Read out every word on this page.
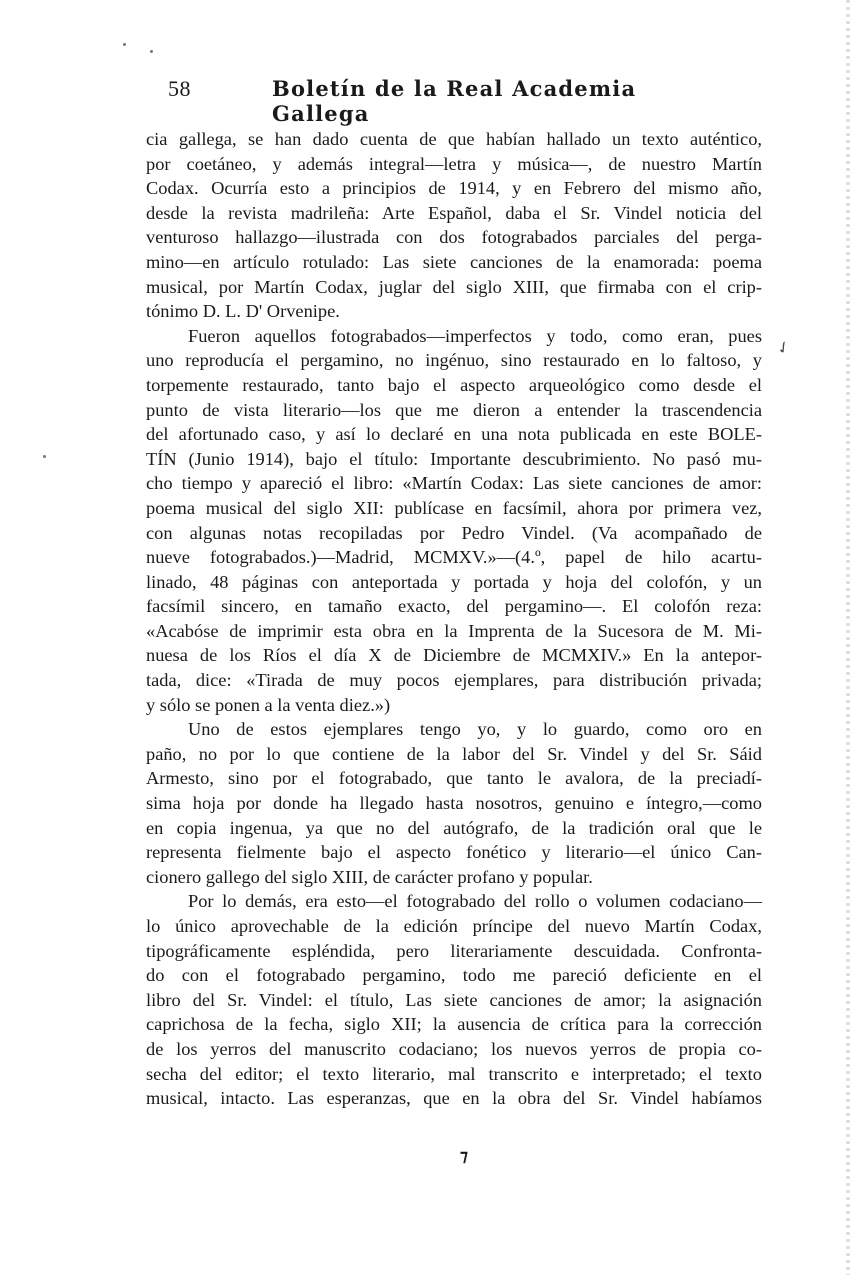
58	Boletín de la Real Academia Gallega
✓
cia gallega, se han dado cuenta de que habían hallado un texto auténtico,
por coetáneo, y además integral—letra y música—, de nuestro Martín
Codax. Ocurría esto a principios de 1914, y en Febrero del mismo año,
desde la revista madrileña: Arte Español, daba el Sr. Vindel noticia del
venturoso hallazgo—ilustrada con dos fotograbados parciales del perga-
mino—en artículo rotulado: Las siete canciones de la enamorada: poema
musical, por Martín Codax, juglar del siglo XIII, que firmaba con el crip-
tónimo D. L. D' Orvenipe.
Fueron aquellos fotograbados—imperfectos y todo, como eran, pues
uno reproducía el pergamino, no ingénuo, sino restaurado en lo faltoso, y
torpemente restaurado, tanto bajo el aspecto arqueológico como desde el
punto de vista literario—los que me dieron a entender la trascendencia
del afortunado caso, y así lo declaré en una nota publicada en este BOLE-
TÍN (Junio 1914), bajo el título: Importante descubrimiento. No pasó mu-
cho tiempo y apareció el libro: «Martín Codax: Las siete canciones de amor:
poema musical del siglo XII: publícase en facsímil, ahora por primera vez,
con algunas notas recopiladas por Pedro Vindel. (Va acompañado de
nueve fotograbados.)—Madrid, MCMXV.»—(4.º, papel de hilo acartu-
linado, 48 páginas con anteportada y portada y hoja del colofón, y un
facsímil sincero, en tamaño exacto, del pergamino—. El colofón reza:
«Acabóse de imprimir esta obra en la Imprenta de la Sucesora de M. Mi-
nuesa de los Ríos el día X de Diciembre de MCMXIV.» En la antepor-
tada, dice: «Tirada de muy pocos ejemplares, para distribución privada;
y sólo se ponen a la venta diez.»)
Uno de estos ejemplares tengo yo, y lo guardo, como oro en
paño, no por lo que contiene de la labor del Sr. Vindel y del Sr. Sáid
Armesto, sino por el fotograbado, que tanto le avalora, de la preciadí-
sima hoja por donde ha llegado hasta nosotros, genuino e íntegro,—como
en copia ingenua, ya que no del autógrafo, de la tradición oral que le
representa fielmente bajo el aspecto fonético y literario—el único Can-
cionero gallego del siglo XIII, de carácter profano y popular.
Por lo demás, era esto—el fotograbado del rollo o volumen codaciano—
lo único aprovechable de la edición príncipe del nuevo Martín Codax,
tipográficamente espléndida, pero literariamente descuidada. Confronta-
do con el fotograbado pergamino, todo me pareció deficiente en el
libro del Sr. Vindel: el título, Las siete canciones de amor; la asignación
caprichosa de la fecha, siglo XII; la ausencia de crítica para la corrección
de los yerros del manuscrito codaciano; los nuevos yerros de propia co-
secha del editor; el texto literario, mal transcrito e interpretado; el texto
musical, intacto. Las esperanzas, que en la obra del Sr. Vindel habíamos
⁊
